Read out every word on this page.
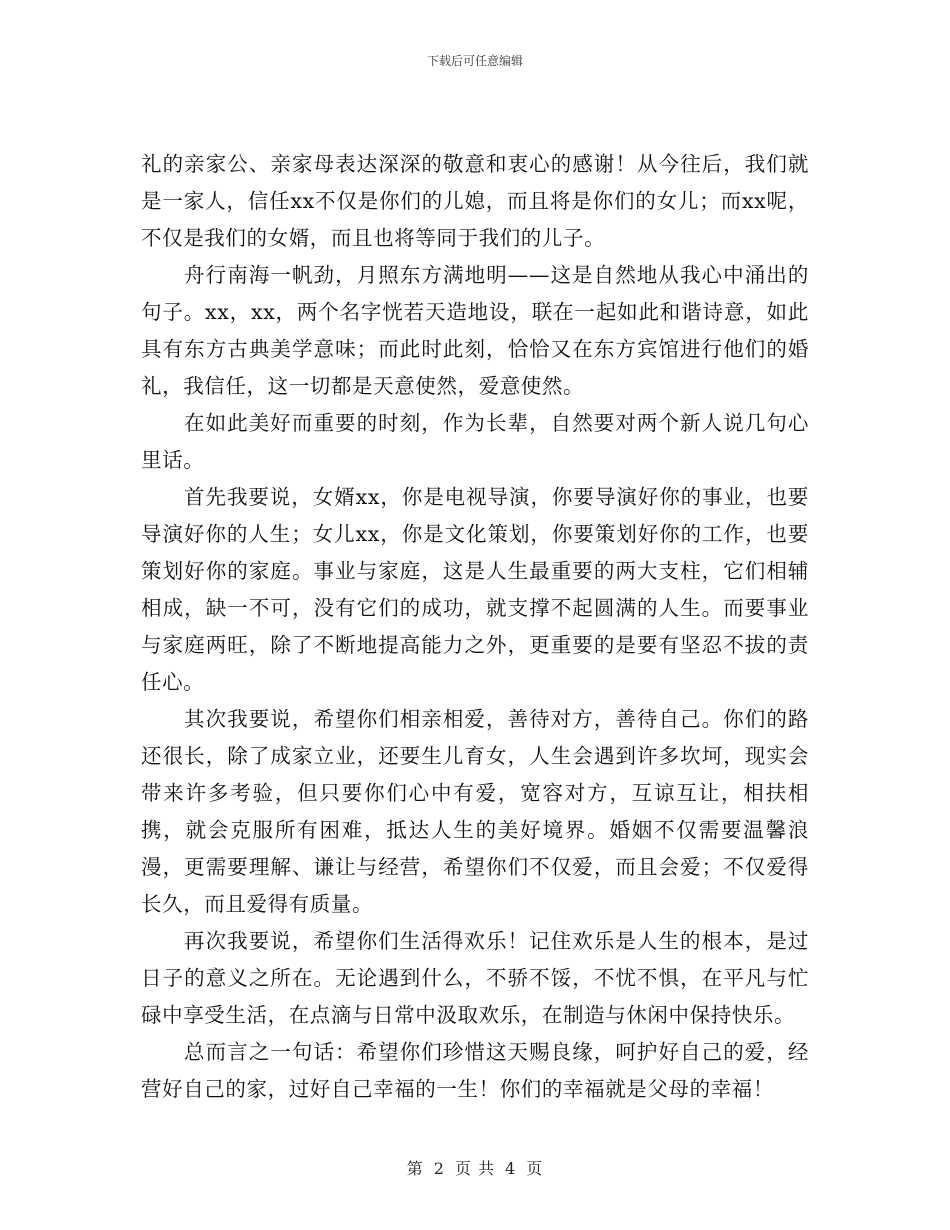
下载后可任意编辑

礼的亲家公、亲家母表达深深的敬意和衷心的感谢！从今往后，我们就是一家人，信任xx不仅是你们的儿媳，而且将是你们的女儿；而xx呢，不仅是我们的女婿，而且也将等同于我们的儿子。

舟行南海一帆劲，月照东方满地明——这是自然地从我心中涌出的句子。xx，xx，两个名字恍若天造地设，联在一起如此和谐诗意，如此具有东方古典美学意味；而此时此刻，恰恰又在东方宾馆进行他们的婚礼，我信任，这一切都是天意使然，爱意使然。

在如此美好而重要的时刻，作为长辈，自然要对两个新人说几句心里话。

首先我要说，女婿xx，你是电视导演，你要导演好你的事业，也要导演好你的人生；女儿xx，你是文化策划，你要策划好你的工作，也要策划好你的家庭。事业与家庭，这是人生最重要的两大支柱，它们相辅相成，缺一不可，没有它们的成功，就支撑不起圆满的人生。而要事业与家庭两旺，除了不断地提高能力之外，更重要的是要有坚忍不拔的责任心。

其次我要说，希望你们相亲相爱，善待对方，善待自己。你们的路还很长，除了成家立业，还要生儿育女，人生会遇到许多坎坷，现实会带来许多考验，但只要你们心中有爱，宽容对方，互谅互让，相扶相携，就会克服所有困难，抵达人生的美好境界。婚姻不仅需要温馨浪漫，更需要理解、谦让与经营，希望你们不仅爱，而且会爱；不仅爱得长久，而且爱得有质量。

再次我要说，希望你们生活得欢乐！记住欢乐是人生的根本，是过日子的意义之所在。无论遇到什么，不骄不馁，不忧不惧，在平凡与忙碌中享受生活，在点滴与日常中汲取欢乐，在制造与休闲中保持快乐。

总而言之一句话：希望你们珍惜这天赐良缘，呵护好自己的爱，经营好自己的家，过好自己幸福的一生！你们的幸福就是父母的幸福！

第 2 页 共 4 页
